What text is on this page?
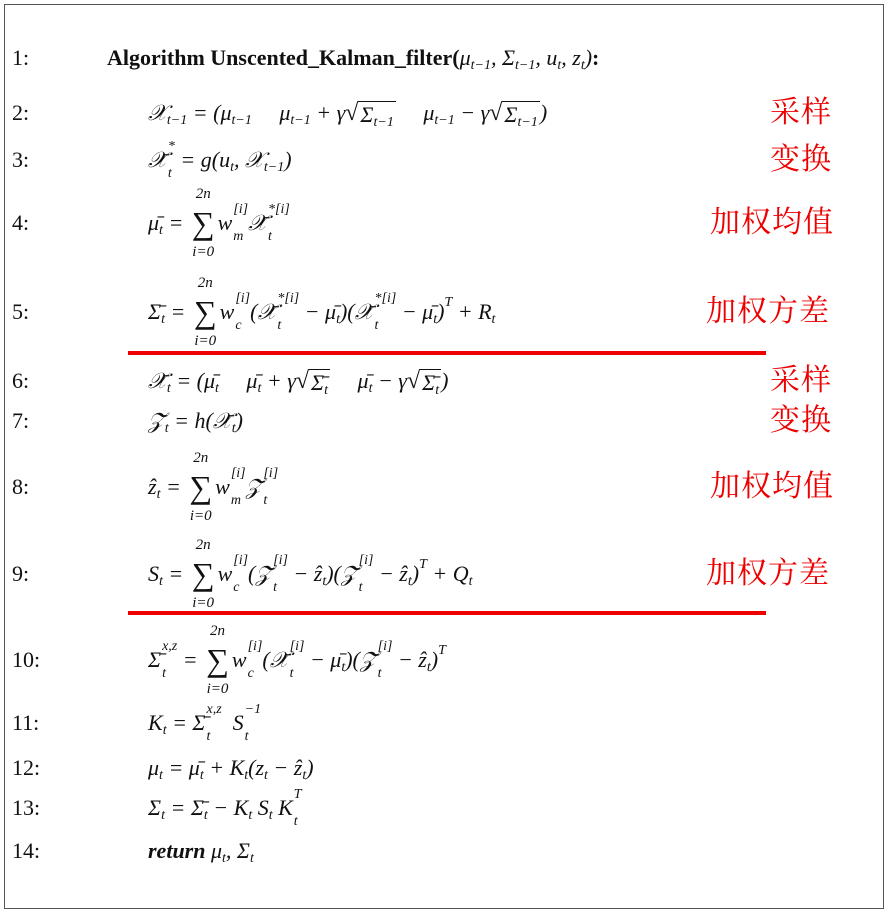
1:	Algorithm Unscented_Kalman_filter( μ t−1 , Σ t−1 , u t , z t ) :
2:	𝒳 t−1 = (μ t−1 μ t−1 + γ √ Σ t−1 μ t−1 − γ √ Σ t−1 )	采样
3:	𝒳̄
*
t
= g(u t , 𝒳 t−1 )	变换
4:	μ̄ t =
2n
∑
i=0
w
[i]
m
𝒳̄
*[i]
t	加权均值
5:	Σ̄ t =
2n
∑
i=0
w
[i]
c
(𝒳̄
*[i]
t
− μ̄ t )(𝒳̄
*[i]
t
− μ̄ t ) T + R t	加权方差
6:	𝒳̄ t = (μ̄ t μ̄ t + γ √ Σ̄ t μ̄ t − γ √ Σ̄ t )	采样
7:	𝒵̄ t = h(𝒳̄ t )	变换
8:	ẑ t =
2n
∑
i=0
w
[i]
m
𝒵̄
[i]
t	加权均值
9:	S t =
2n
∑
i=0
w
[i]
c
(𝒵̄
[i]
t
− ẑ t )(𝒵̄
[i]
t
− ẑ t ) T + Q t	加权方差
10:	Σ̄
x,z
t
=
2n
∑
i=0
w
[i]
c
(𝒳̄
[i]
t
− μ̄ t )(𝒵̄
[i]
t
− ẑ t ) T
11:	K t = Σ̄
x,z
t
S
−1
t
12:	μ t = μ̄ t + K t (z t − ẑ t )
13:	Σ t = Σ̄ t − K t S t K
T
t
14:	return μ t , Σ t
